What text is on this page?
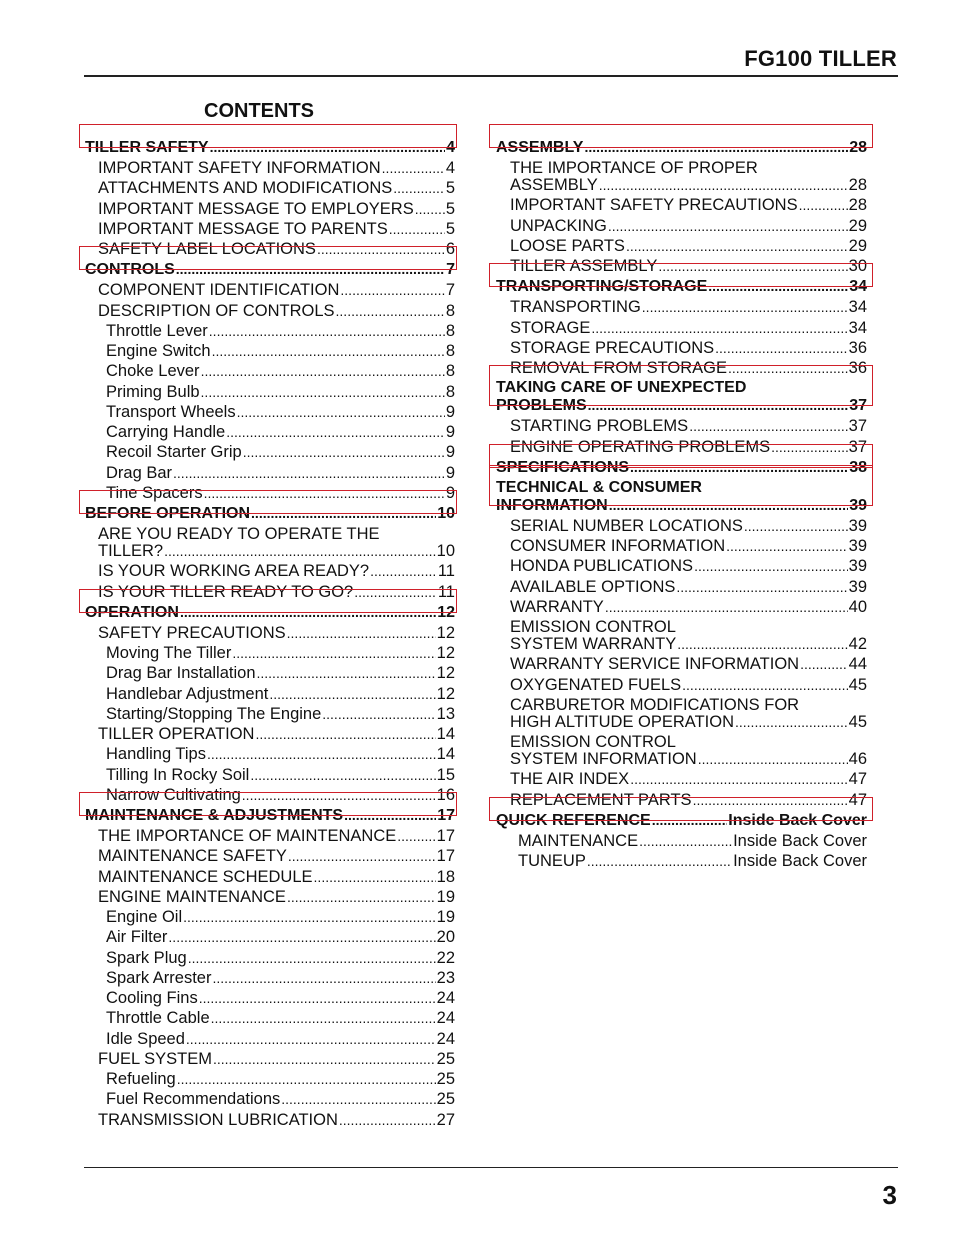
FG100 TILLER
CONTENTS
TILLER SAFETY .....	4
IMPORTANT SAFETY INFORMATION .....	4
ATTACHMENTS AND MODIFICATIONS .....	5
IMPORTANT MESSAGE TO EMPLOYERS ..... 5
IMPORTANT MESSAGE TO PARENTS .....	5
SAFETY LABEL LOCATIONS .....	6
CONTROLS .....	7
COMPONENT IDENTIFICATION .....	7
DESCRIPTION OF CONTROLS .....	8
Throttle Lever .....	8
Engine Switch .....	8
Choke Lever .....	8
Priming Bulb .....	8
Transport Wheels .....	9
Carrying Handle .....	9
Recoil Starter Grip .....	9
Drag Bar .....	9
Tine Spacers .....	9
BEFORE OPERATION .....	10
ARE YOU READY TO OPERATE THE
TILLER? .....	10
IS YOUR WORKING AREA READY? .....	11
IS YOUR TILLER READY TO GO? .....	11
OPERATION .....	12
SAFETY PRECAUTIONS .....	12
Moving The Tiller .....	12
Drag Bar Installation .....	12
Handlebar Adjustment .....	12
Starting/Stopping The Engine .....	13
TILLER OPERATION .....	14
Handling Tips .....	14
Tilling In Rocky Soil .....	15
Narrow Cultivating .....	16
MAINTENANCE & ADJUSTMENTS .....	17
THE IMPORTANCE OF MAINTENANCE ..... 17
MAINTENANCE SAFETY .....	17
MAINTENANCE SCHEDULE .....	18
ENGINE MAINTENANCE .....	19
Engine Oil .....	19
Air Filter .....	20
Spark Plug .....	22
Spark Arrester .....	23
Cooling Fins .....	24
Throttle Cable .....	24
Idle Speed .....	24
FUEL SYSTEM .....	25
Refueling .....	25
Fuel Recommendations .....	25
TRANSMISSION LUBRICATION .....	27
ASSEMBLY .....	28
THE IMPORTANCE OF PROPER
ASSEMBLY .....	28
IMPORTANT SAFETY PRECAUTIONS .....	28
UNPACKING .....	29
LOOSE PARTS .....	29
TILLER ASSEMBLY .....	30
TRANSPORTING/STORAGE .....	34
TRANSPORTING .....	34
STORAGE .....	34
STORAGE PRECAUTIONS .....	36
REMOVAL FROM STORAGE .....	36
TAKING CARE OF UNEXPECTED
PROBLEMS .....	37
STARTING PROBLEMS .....	37
ENGINE OPERATING PROBLEMS .....	37
SPECIFICATIONS .....	38
TECHNICAL & CONSUMER
INFORMATION .....	39
SERIAL NUMBER LOCATIONS .....	39
CONSUMER INFORMATION .....	39
HONDA PUBLICATIONS .....	39
AVAILABLE OPTIONS .....	39
WARRANTY .....	40
EMISSION CONTROL
SYSTEM WARRANTY .....	42
WARRANTY SERVICE INFORMATION .....	44
OXYGENATED FUELS .....	45
CARBURETOR MODIFICATIONS FOR
HIGH ALTITUDE OPERATION .....	45
EMISSION CONTROL
SYSTEM INFORMATION .....	46
THE AIR INDEX .....	47
REPLACEMENT PARTS .....	47
QUICK REFERENCE .....	Inside Back Cover
MAINTENANCE .....	Inside Back Cover
TUNEUP .....	Inside Back Cover
3
